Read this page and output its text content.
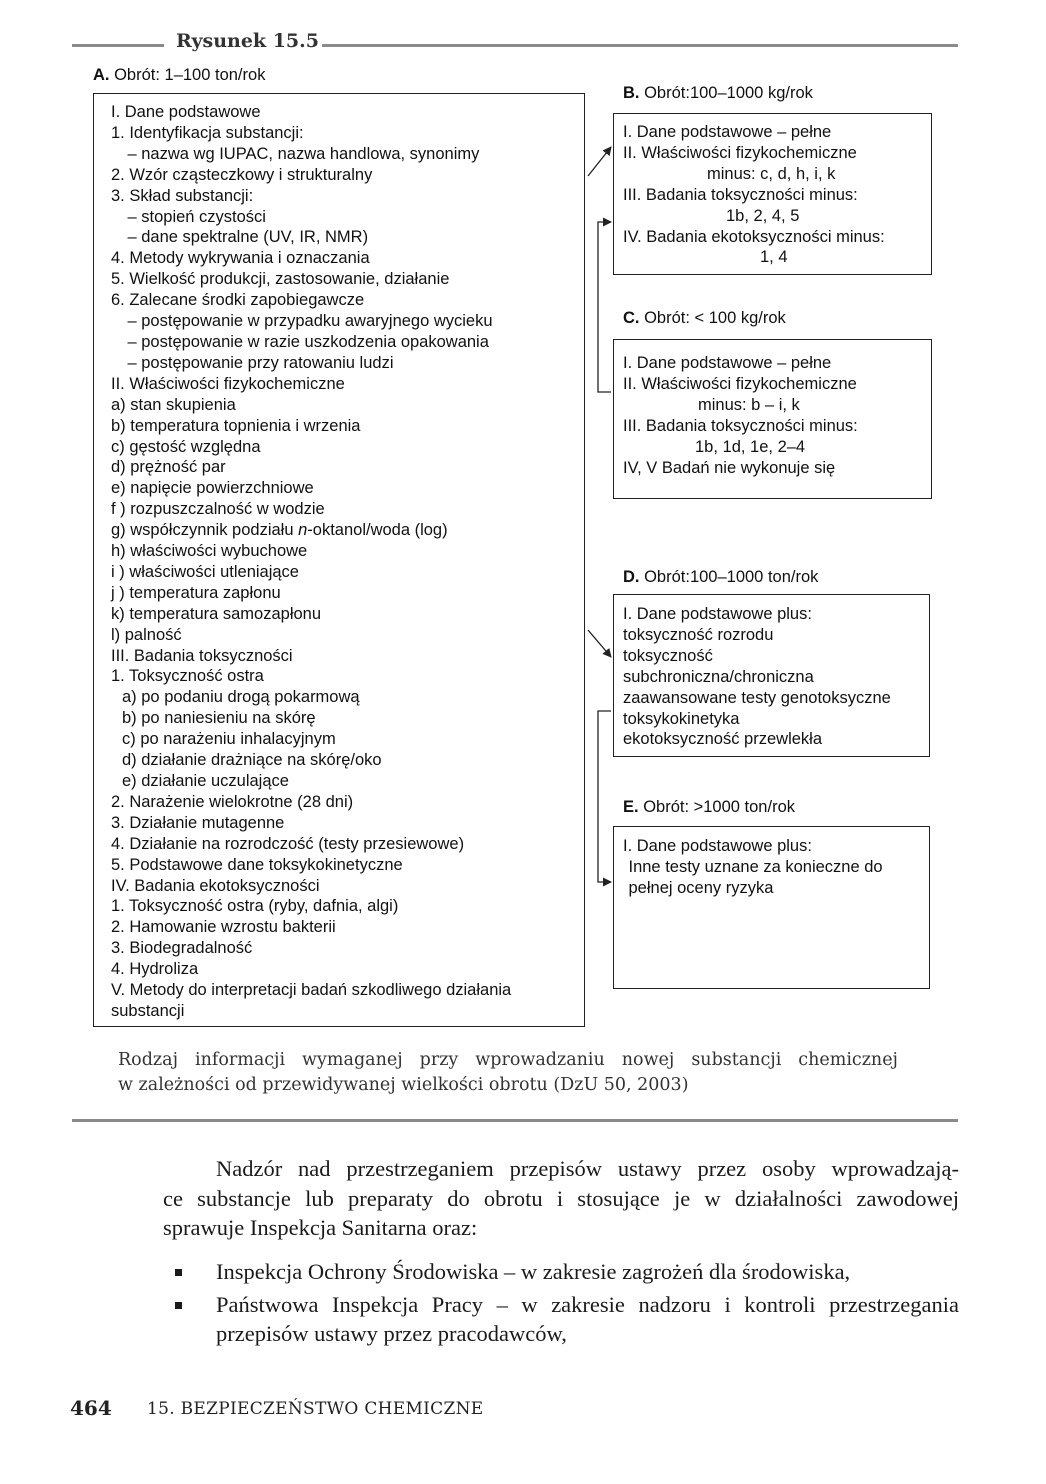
Rysunek 15.5
A. Obrót: 1–100 ton/rok
B. Obrót:100–1000 kg/rok
C. Obrót: < 100 kg/rok
D. Obrót:100–1000 ton/rok
E. Obrót: >1000 ton/rok
I. Dane podstawowe
1. Identyfikacja substancji:
– nazwa wg IUPAC, nazwa handlowa, synonimy
2. Wzór cząsteczkowy i strukturalny
3. Skład substancji:
– stopień czystości
– dane spektralne (UV, IR, NMR)
4. Metody wykrywania i oznaczania
5. Wielkość produkcji, zastosowanie, działanie
6. Zalecane środki zapobiegawcze
– postępowanie w przypadku awaryjnego wycieku
– postępowanie w razie uszkodzenia opakowania
– postępowanie przy ratowaniu ludzi
II. Właściwości fizykochemiczne
a) stan skupienia
b) temperatura topnienia i wrzenia
c) gęstość względna
d) prężność par
e) napięcie powierzchniowe
f ) rozpuszczalność w wodzie
g) współczynnik podziału n-oktanol/woda (log)
h) właściwości wybuchowe
i ) właściwości utleniające
j ) temperatura zapłonu
k) temperatura samozapłonu
l) palność
III. Badania toksyczności
1. Toksyczność ostra
a) po podaniu drogą pokarmową
b) po naniesieniu na skórę
c) po narażeniu inhalacyjnym
d) działanie drażniące na skórę/oko
e) działanie uczulające
2. Narażenie wielokrotne (28 dni)
3. Działanie mutagenne
4. Działanie na rozrodczość (testy przesiewowe)
5. Podstawowe dane toksykokinetyczne
IV. Badania ekotoksyczności
1. Toksyczność ostra (ryby, dafnia, algi)
2. Hamowanie wzrostu bakterii
3. Biodegradalność
4. Hydroliza
V. Metody do interpretacji badań szkodliwego działania
substancji
I. Dane podstawowe – pełne
II. Właściwości fizykochemiczne
minus: c, d, h, i, k
III. Badania toksyczności minus:
1b, 2, 4, 5
IV. Badania ekotoksyczności minus:
1, 4
I. Dane podstawowe – pełne
II. Właściwości fizykochemiczne
minus: b – i, k
III. Badania toksyczności minus:
1b, 1d, 1e, 2–4
IV, V Badań nie wykonuje się
I. Dane podstawowe plus:
toksyczność rozrodu
toksyczność
subchroniczna/chroniczna
zaawansowane testy genotoksyczne
toksykokinetyka
ekotoksyczność przewlekła
I. Dane podstawowe plus:
Inne testy uznane za konieczne do
pełnej oceny ryzyka
Rodzaj informacji wymaganej przy wprowadzaniu nowej substancji chemicznej
w zależności od przewidywanej wielkości obrotu (DzU 50, 2003)
Nadzór nad przestrzeganiem przepisów ustawy przez osoby wprowadzają-
ce substancje lub preparaty do obrotu i stosujące je w działalności zawodowej
sprawuje Inspekcja Sanitarna oraz:
Inspekcja Ochrony Środowiska – w zakresie zagrożeń dla środowiska,
Państwowa Inspekcja Pracy – w zakresie nadzoru i kontroli przestrzegania
przepisów ustawy przez pracodawców,
464 15. BEZPIECZEŃSTWO CHEMICZNE
